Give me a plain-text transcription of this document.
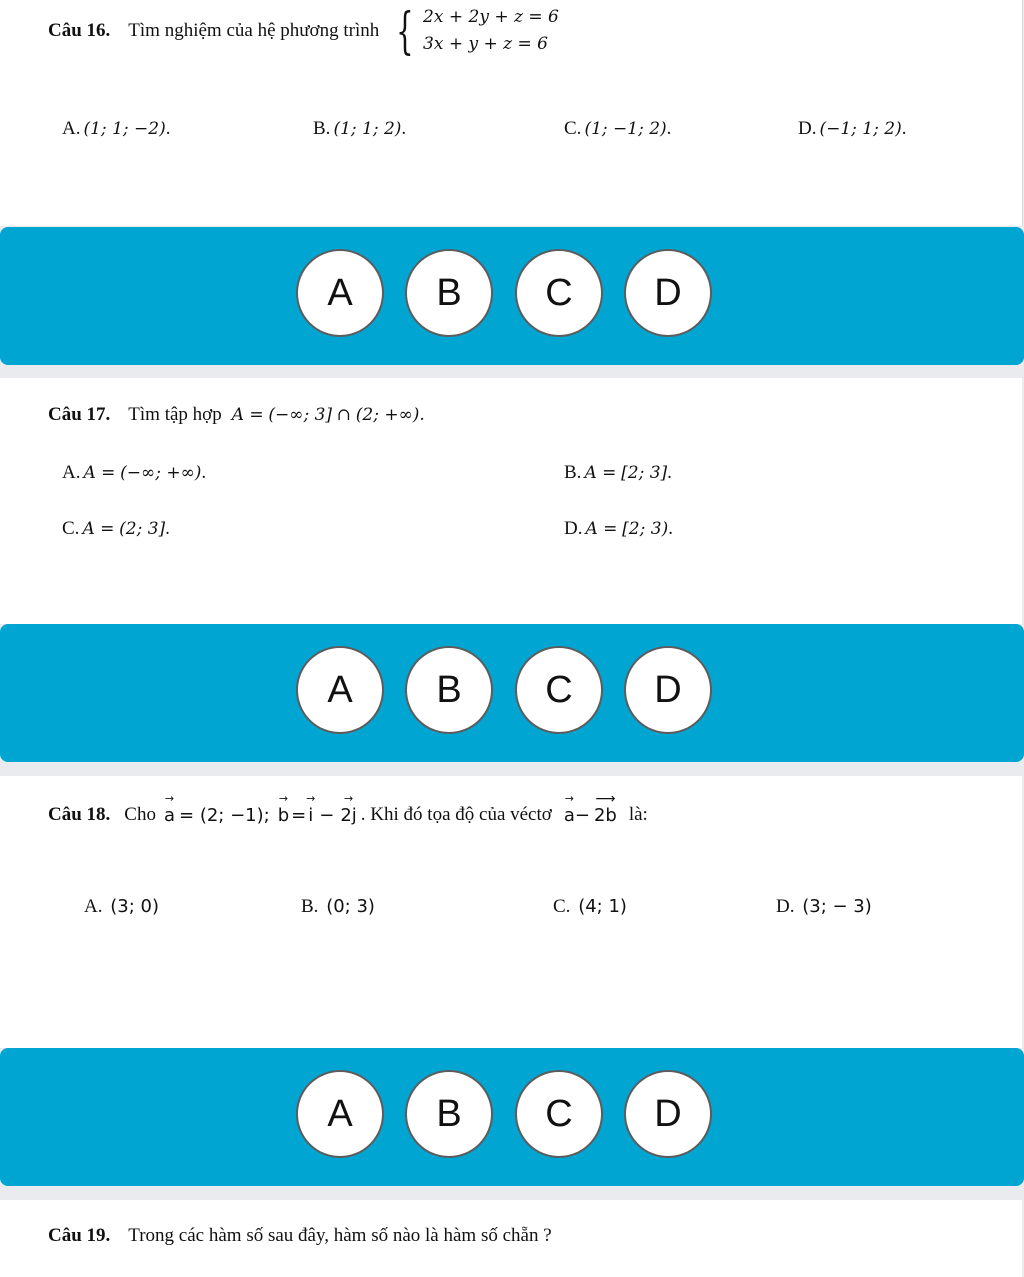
Câu 16. Tìm nghiệm của hệ phương trình { 2x + 2y + z = 6
3x + y + z = 6
A. (1; 1; −2).	B. (1; 1; 2).	C. (1; −1; 2).	D. (−1; 1; 2).
A	B	C	D
Câu 17. Tìm tập hợp A =
(−∞; 3]
∩
(2; +∞) .
A. A = (−∞; +∞).	B. A = [2; 3].
C. A = (2; 3].	D. A = [2; 3).
A	B	C	D
Câu 18. Cho → a = (2; −1); → b = → i − → 2j . Khi đó tọa độ của véctơ → a − ⟶ 2b là:
A. (3; 0)	B. (0; 3)	C. (4; 1)	D. (3; − 3)
A	B	C	D
Câu 19. Trong các hàm số sau đây, hàm số nào là hàm số chẵn ?
